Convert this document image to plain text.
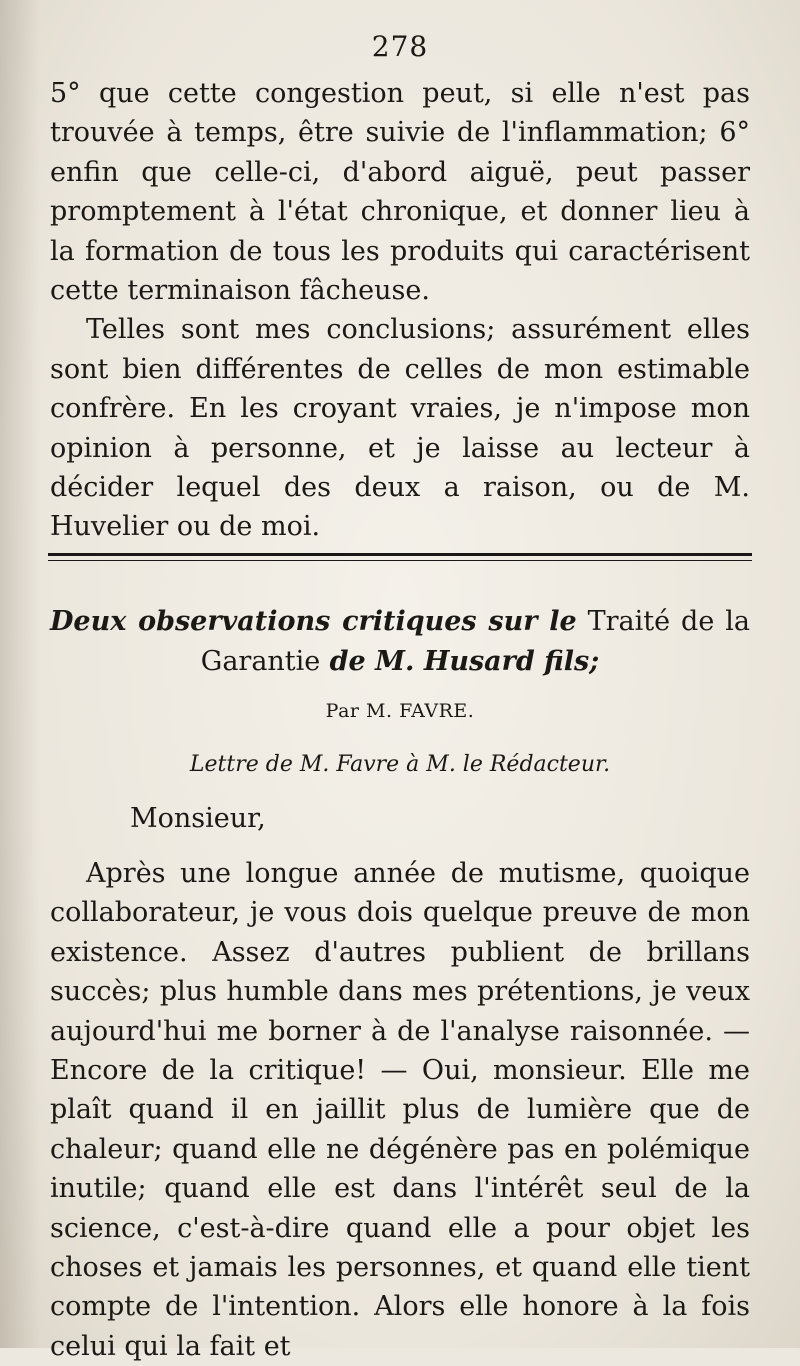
278

5° que cette congestion peut, si elle n'est pas trouvée à temps, être suivie de l'inflammation; 6° enfin que celle-ci, d'abord aiguë, peut passer promptement à l'état chronique, et donner lieu à la formation de tous les produits qui caractérisent cette terminaison fâcheuse.

Telles sont mes conclusions; assurément elles sont bien différentes de celles de mon estimable confrère. En les croyant vraies, je n'impose mon opinion à personne, et je laisse au lecteur à décider lequel des deux a raison, ou de M. Huvelier ou de moi.

Deux observations critiques sur le Traité de la Garantie de M. Husard fils;
Par M. FAVRE.
Lettre de M. Favre à M. le Rédacteur.
Monsieur,

Après une longue année de mutisme, quoique collaborateur, je vous dois quelque preuve de mon existence. Assez d'autres publient de brillans succès; plus humble dans mes prétentions, je veux aujourd'hui me borner à de l'analyse raisonnée. — Encore de la critique! — Oui, monsieur. Elle me plaît quand il en jaillit plus de lumière que de chaleur; quand elle ne dégénère pas en polémique inutile; quand elle est dans l'intérêt seul de la science, c'est-à-dire quand elle a pour objet les choses et jamais les personnes, et quand elle tient compte de l'intention. Alors elle honore à la fois celui qui la fait et
